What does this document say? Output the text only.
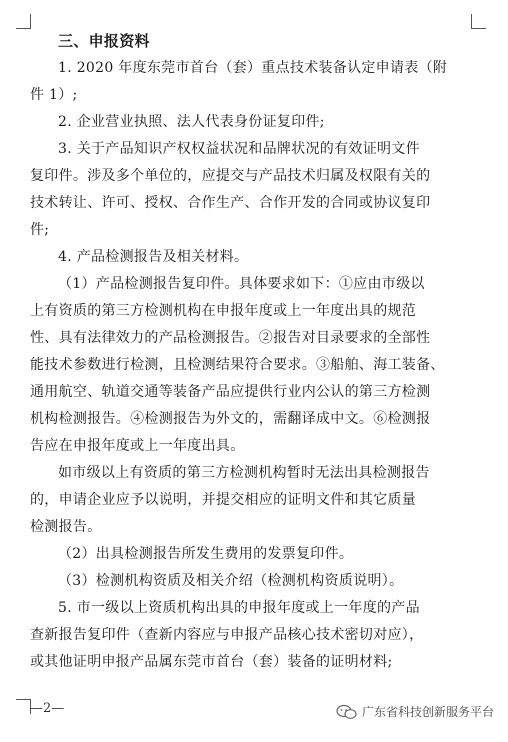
三、申报资料
1. 2020 年度东莞市首台（套）重点技术装备认定申请表（附
件 1）;
2. 企业营业执照、法人代表身份证复印件;
3. 关于产品知识产权权益状况和品牌状况的有效证明文件
复印件。涉及多个单位的，应提交与产品技术归属及权限有关的
技术转让、许可、授权、合作生产、合作开发的合同或协议复印
件;
4. 产品检测报告及相关材料。
（1）产品检测报告复印件。具体要求如下：①应由市级以
上有资质的第三方检测机构在申报年度或上一年度出具的规范
性、具有法律效力的产品检测报告。②报告对目录要求的全部性
能技术参数进行检测，且检测结果符合要求。③船舶、海工装备、
通用航空、轨道交通等装备产品应提供行业内公认的第三方检测
机构检测报告。④检测报告为外文的，需翻译成中文。⑥检测报
告应在申报年度或上一年度出具。
如市级以上有资质的第三方检测机构暂时无法出具检测报告
的，申请企业应予以说明，并提交相应的证明文件和其它质量
检测报告。
（2）出具检测报告所发生费用的发票复印件。
（3）检测机构资质及相关介绍（检测机构资质说明）。
5. 市一级以上资质机构出具的申报年度或上一年度的产品
查新报告复印件（查新内容应与申报产品核心技术密切对应），
或其他证明申报产品属东莞市首台（套）装备的证明材料;
—2—	广东省科技创新服务平台
